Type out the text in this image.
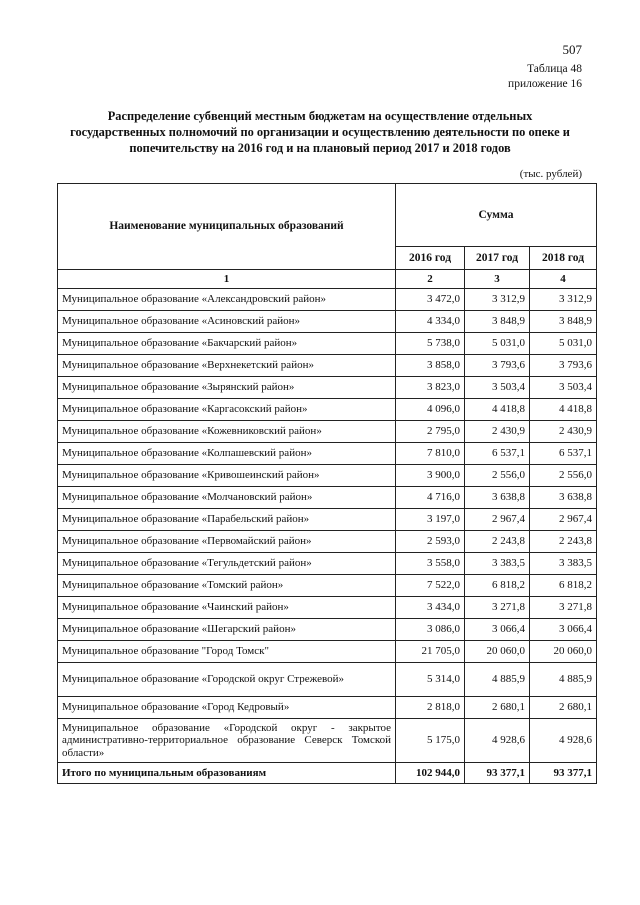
507
Таблица 48
приложение 16
Распределение субвенций местным бюджетам на осуществление отдельных государственных полномочий по организации и осуществлению деятельности по опеке и попечительству на 2016 год и на плановый период 2017 и 2018 годов
(тыс. рублей)
Наименование муниципальных образований	Сумма		
	2016 год	2017 год	2018 год
1	2	3	4
Муниципальное образование «Александровский район»	3 472,0	3 312,9	3 312,9
Муниципальное образование «Асиновский район»	4 334,0	3 848,9	3 848,9
Муниципальное образование «Бакчарский район»	5 738,0	5 031,0	5 031,0
Муниципальное образование «Верхнекетский район»	3 858,0	3 793,6	3 793,6
Муниципальное образование «Зырянский район»	3 823,0	3 503,4	3 503,4
Муниципальное образование «Каргасокский район»	4 096,0	4 418,8	4 418,8
Муниципальное образование «Кожевниковский район»	2 795,0	2 430,9	2 430,9
Муниципальное образование «Колпашевский район»	7 810,0	6 537,1	6 537,1
Муниципальное образование «Кривошеинский район»	3 900,0	2 556,0	2 556,0
Муниципальное образование «Молчановский район»	4 716,0	3 638,8	3 638,8
Муниципальное образование «Парабельский район»	3 197,0	2 967,4	2 967,4
Муниципальное образование «Первомайский район»	2 593,0	2 243,8	2 243,8
Муниципальное образование «Тегульдетский район»	3 558,0	3 383,5	3 383,5
Муниципальное образование «Томский район»	7 522,0	6 818,2	6 818,2
Муниципальное образование «Чаинский район»	3 434,0	3 271,8	3 271,8
Муниципальное образование «Шегарский район»	3 086,0	3 066,4	3 066,4
Муниципальное образование "Город Томск"	21 705,0	20 060,0	20 060,0
Муниципальное образование «Городской округ Стрежевой»	5 314,0	4 885,9	4 885,9
Муниципальное образование «Город Кедровый»	2 818,0	2 680,1	2 680,1
Муниципальное образование «Городской округ - закрытое административно-территориальное образование Северск Томской области»	5 175,0	4 928,6	4 928,6
Итого по муниципальным образованиям	102 944,0	93 377,1	93 377,1
